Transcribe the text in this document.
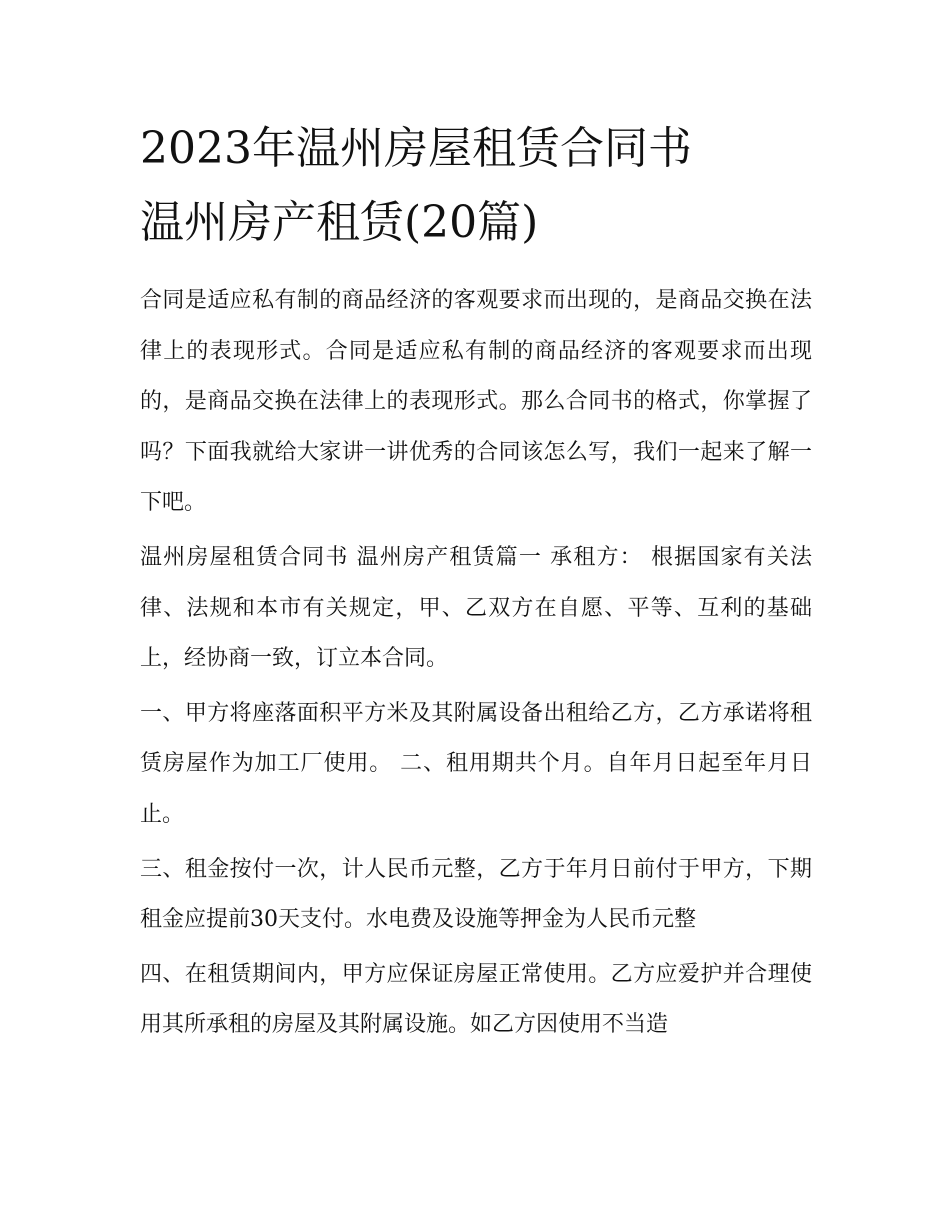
2023年温州房屋租赁合同书
温州房产租赁(20篇)

合同是适应私有制的商品经济的客观要求而出现的，是商品交换在法律上的表现形式。合同是适应私有制的商品经济的客观要求而出现的，是商品交换在法律上的表现形式。那么合同书的格式，你掌握了吗？下面我就给大家讲一讲优秀的合同该怎么写，我们一起来了解一下吧。

温州房屋租赁合同书 温州房产租赁篇一 承租方： 根据国家有关法律、法规和本市有关规定，甲、乙双方在自愿、平等、互利的基础上，经协商一致，订立本合同。

一、甲方将座落面积平方米及其附属设备出租给乙方，乙方承诺将租赁房屋作为加工厂使用。 二、租用期共个月。自年月日起至年月日止。

三、租金按付一次，计人民币元整，乙方于年月日前付于甲方，下期租金应提前30天支付。水电费及设施等押金为人民币元整

四、在租赁期间内，甲方应保证房屋正常使用。乙方应爱护并合理使用其所承租的房屋及其附属设施。如乙方因使用不当造
